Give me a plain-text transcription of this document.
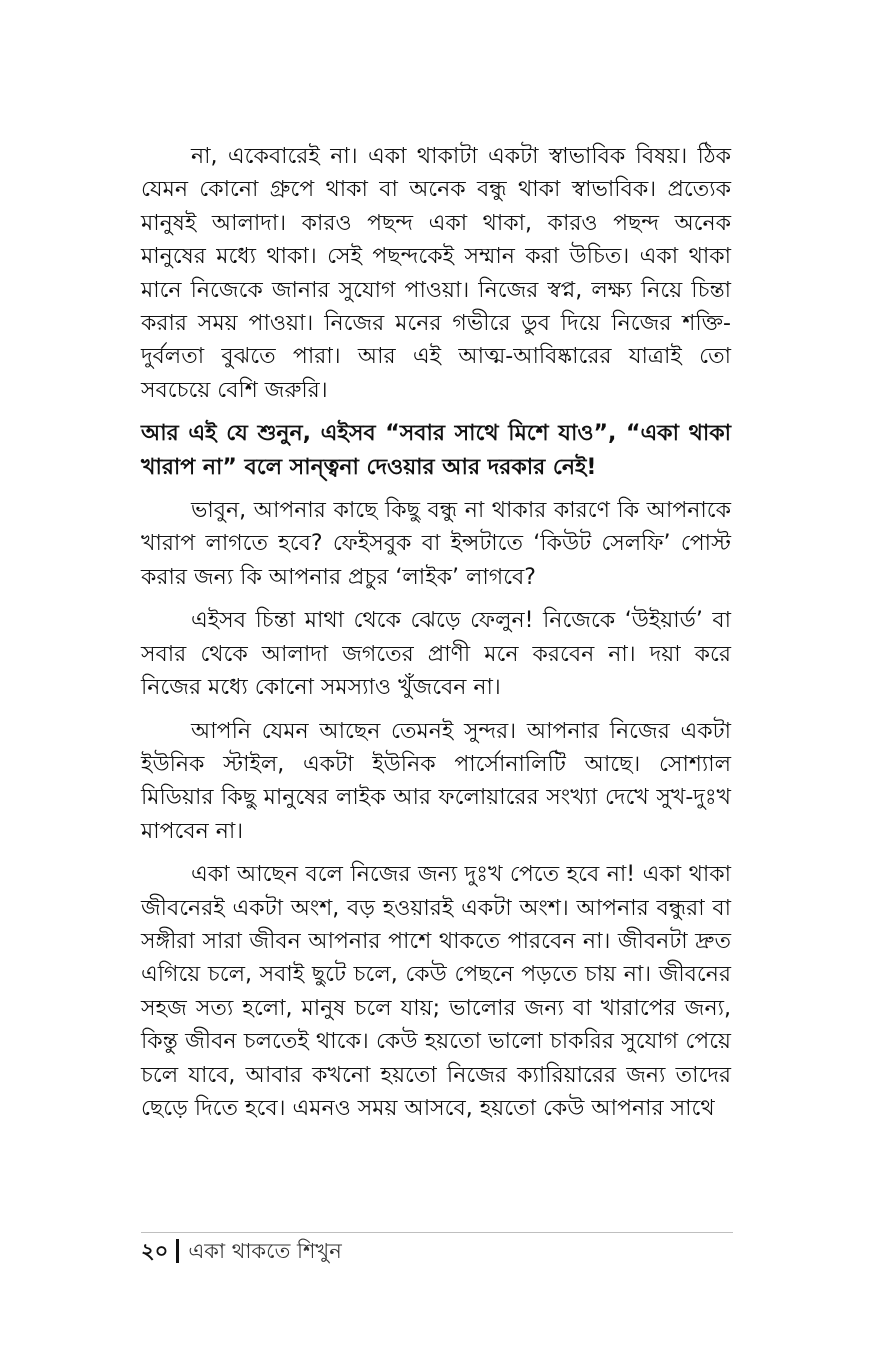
না, একেবারেই না। একা থাকাটা একটা স্বাভাবিক বিষয়। ঠিক যেমন কোনো গ্রুপে থাকা বা অনেক বন্ধু থাকা স্বাভাবিক। প্রত্যেক মানুষই আলাদা। কারও পছন্দ একা থাকা, কারও পছন্দ অনেক মানুষের মধ্যে থাকা। সেই পছন্দকেই সম্মান করা উচিত। একা থাকা মানে নিজেকে জানার সুযোগ পাওয়া। নিজের স্বপ্ন, লক্ষ্য নিয়ে চিন্তা করার সময় পাওয়া। নিজের মনের গভীরে ডুব দিয়ে নিজের শক্তি-দুর্বলতা বুঝতে পারা। আর এই আত্ম-আবিষ্কারের যাত্রাই তো সবচেয়ে বেশি জরুরি।

আর এই যে শুনুন, এইসব “সবার সাথে মিশে যাও”, “একা থাকা খারাপ না” বলে সান্ত্বনা দেওয়ার আর দরকার নেই!

ভাবুন, আপনার কাছে কিছু বন্ধু না থাকার কারণে কি আপনাকে খারাপ লাগতে হবে? ফেইসবুক বা ইন্সটাতে ‘কিউট সেলফি’ পোস্ট করার জন্য কি আপনার প্রচুর ‘লাইক’ লাগবে?

এইসব চিন্তা মাথা থেকে ঝেড়ে ফেলুন! নিজেকে ‘উইয়ার্ড’ বা সবার থেকে আলাদা জগতের প্রাণী মনে করবেন না। দয়া করে নিজের মধ্যে কোনো সমস্যাও খুঁজবেন না।

আপনি যেমন আছেন তেমনই সুন্দর। আপনার নিজের একটা ইউনিক স্টাইল, একটা ইউনিক পার্সোনালিটি আছে। সোশ্যাল মিডিয়ার কিছু মানুষের লাইক আর ফলোয়ারের সংখ্যা দেখে সুখ-দুঃখ মাপবেন না।

একা আছেন বলে নিজের জন্য দুঃখ পেতে হবে না! একা থাকা জীবনেরই একটা অংশ, বড় হওয়ারই একটা অংশ। আপনার বন্ধুরা বা সঙ্গীরা সারা জীবন আপনার পাশে থাকতে পারবেন না। জীবনটা দ্রুত এগিয়ে চলে, সবাই ছুটে চলে, কেউ পেছনে পড়তে চায় না। জীবনের সহজ সত্য হলো, মানুষ চলে যায়; ভালোর জন্য বা খারাপের জন্য, কিন্তু জীবন চলতেই থাকে। কেউ হয়তো ভালো চাকরির সুযোগ পেয়ে চলে যাবে, আবার কখনো হয়তো নিজের ক্যারিয়ারের জন্য তাদের ছেড়ে দিতে হবে। এমনও সময় আসবে, হয়তো কেউ আপনার সাথে

২০ একা থাকতে শিখুন
